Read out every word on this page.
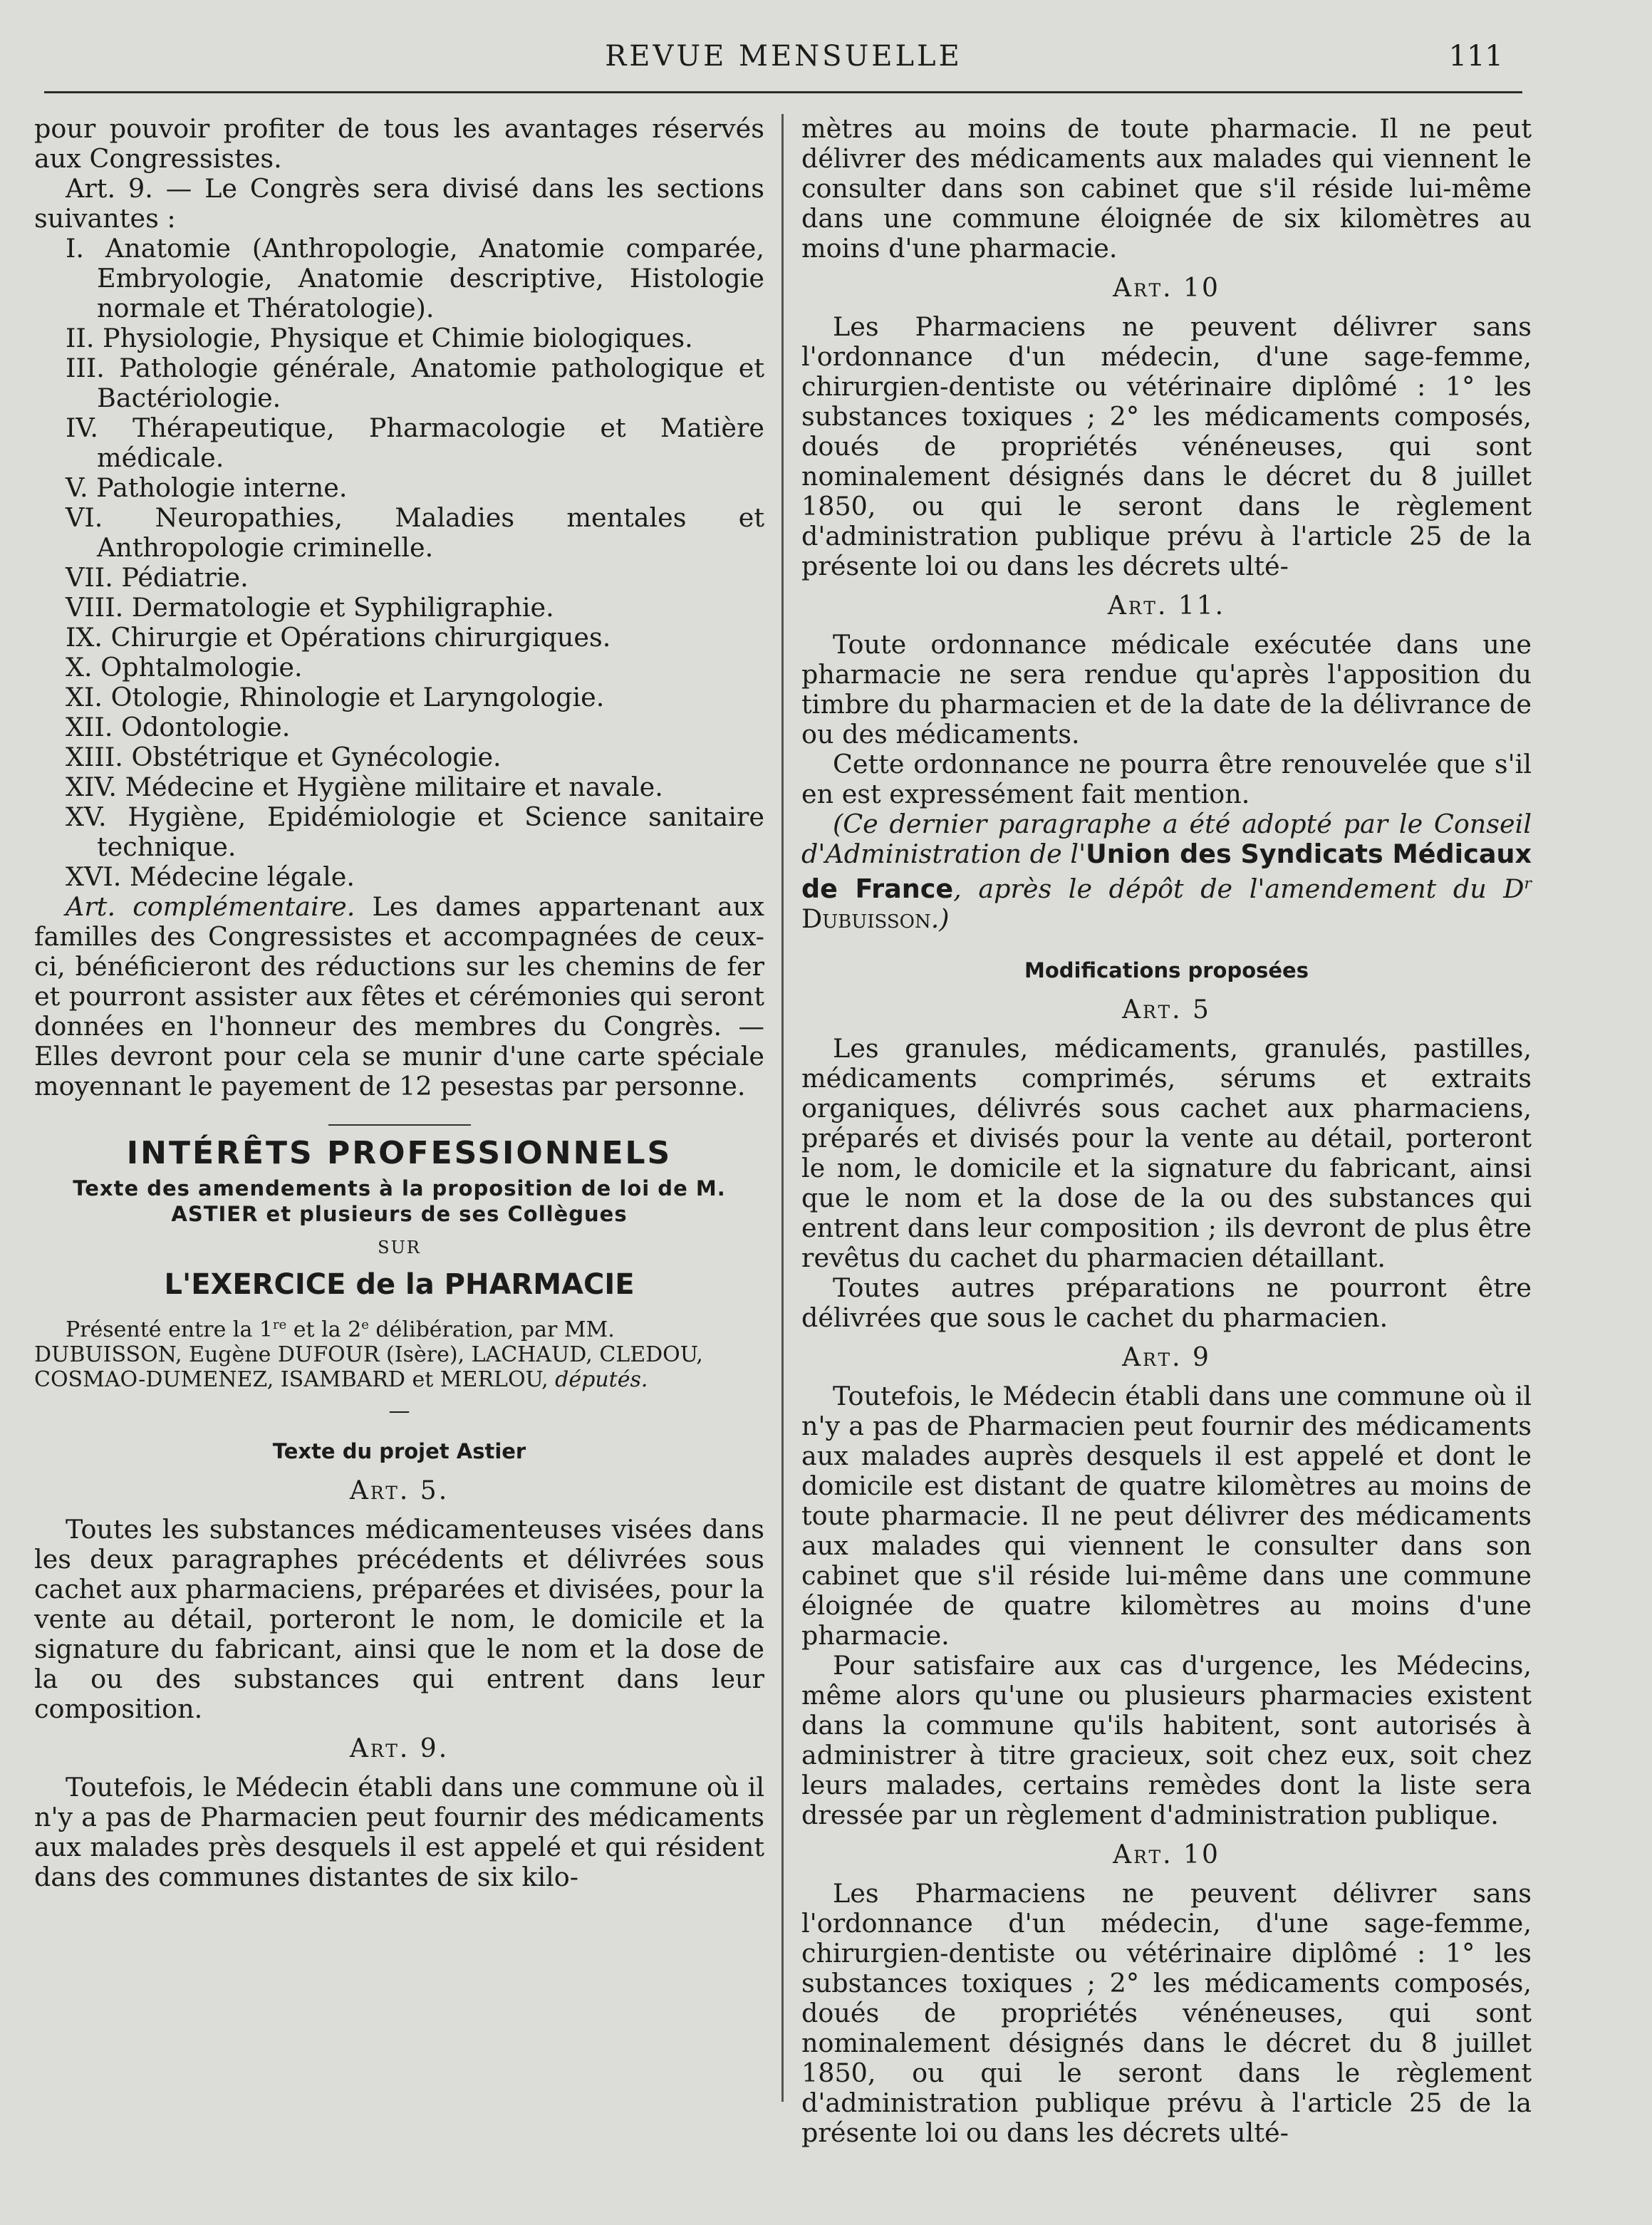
REVUE MENSUELLE	111

pour pouvoir profiter de tous les avantages réservés aux Congressistes.

Art. 9. — Le Congrès sera divisé dans les sections suivantes :

I. Anatomie (Anthropologie, Anatomie comparée, Embryologie, Anatomie descriptive, Histologie normale et Thératologie).

II. Physiologie, Physique et Chimie biologiques.

III. Pathologie générale, Anatomie pathologique et Bactériologie.

IV. Thérapeutique, Pharmacologie et Matière médicale.

V. Pathologie interne.

VI. Neuropathies, Maladies mentales et Anthropologie criminelle.

VII. Pédiatrie.

VIII. Dermatologie et Syphiligraphie.

IX. Chirurgie et Opérations chirurgiques.

X. Ophtalmologie.

XI. Otologie, Rhinologie et Laryngologie.

XII. Odontologie.

XIII. Obstétrique et Gynécologie.

XIV. Médecine et Hygiène militaire et navale.

XV. Hygiène, Epidémiologie et Science sanitaire technique.

XVI. Médecine légale.

Art. complémentaire. Les dames appartenant aux familles des Congressistes et accompagnées de ceux-ci, bénéficieront des réductions sur les chemins de fer et pourront assister aux fêtes et cérémonies qui seront données en l'honneur des membres du Congrès. — Elles devront pour cela se munir d'une carte spéciale moyennant le payement de 12 pesestas par personne.

INTÉRÊTS PROFESSIONNELS
Texte des amendements à la proposition de loi de M. ASTIER et plusieurs de ses Collègues
SUR
L'EXERCICE de la PHARMACIE

Présenté entre la 1re et la 2e délibération, par MM. DUBUISSON, Eugène DUFOUR (Isère), LACHAUD, CLEDOU, COSMAO-DUMENEZ, ISAMBARD et MERLOU, députés.

—
Texte du projet Astier
Art. 5.

Toutes les substances médicamenteuses visées dans les deux paragraphes précédents et délivrées sous cachet aux pharmaciens, préparées et divisées, pour la vente au détail, porteront le nom, le domicile et la signature du fabricant, ainsi que le nom et la dose de la ou des substances qui entrent dans leur composition.

Art. 9.

Toutefois, le Médecin établi dans une commune où il n'y a pas de Pharmacien peut fournir des médicaments aux malades près desquels il est appelé et qui résident dans des communes distantes de six kilo-

mètres au moins de toute pharmacie. Il ne peut délivrer des médicaments aux malades qui viennent le consulter dans son cabinet que s'il réside lui-même dans une commune éloignée de six kilomètres au moins d'une pharmacie.

Art. 10

Les Pharmaciens ne peuvent délivrer sans l'ordonnance d'un médecin, d'une sage-femme, chirurgien-dentiste ou vétérinaire diplômé : 1° les substances toxiques ; 2° les médicaments composés, doués de propriétés vénéneuses, qui sont nominalement désignés dans le décret du 8 juillet 1850, ou qui le seront dans le règlement d'administration publique prévu à l'article 25 de la présente loi ou dans les décrets ulté-

Art. 11.

Toute ordonnance médicale exécutée dans une pharmacie ne sera rendue qu'après l'apposition du timbre du pharmacien et de la date de la délivrance de ou des médicaments.

Cette ordonnance ne pourra être renouvelée que s'il en est expressément fait mention.

(Ce dernier paragraphe a été adopté par le Conseil d'Administration de l'Union des Syndicats Médicaux de France, après le dépôt de l'amendement du $D^r$ Dubuisson.)

Modifications proposées
Art. 5

Les granules, médicaments, granulés, pastilles, médicaments comprimés, sérums et extraits organiques, délivrés sous cachet aux pharmaciens, préparés et divisés pour la vente au détail, porteront le nom, le domicile et la signature du fabricant, ainsi que le nom et la dose de la ou des substances qui entrent dans leur composition ; ils devront de plus être revêtus du cachet du pharmacien détaillant.

Toutes autres préparations ne pourront être délivrées que sous le cachet du pharmacien.

Art. 9

Toutefois, le Médecin établi dans une commune où il n'y a pas de Pharmacien peut fournir des médicaments aux malades auprès desquels il est appelé et dont le domicile est distant de quatre kilomètres au moins de toute pharmacie. Il ne peut délivrer des médicaments aux malades qui viennent le consulter dans son cabinet que s'il réside lui-même dans une commune éloignée de quatre kilomètres au moins d'une pharmacie.

Pour satisfaire aux cas d'urgence, les Médecins, même alors qu'une ou plusieurs pharmacies existent dans la commune qu'ils habitent, sont autorisés à administrer à titre gracieux, soit chez eux, soit chez leurs malades, certains remèdes dont la liste sera dressée par un règlement d'administration publique.

Art. 10

Les Pharmaciens ne peuvent délivrer sans l'ordonnance d'un médecin, d'une sage-femme, chirurgien-dentiste ou vétérinaire diplômé : 1° les substances toxiques ; 2° les médicaments composés, doués de propriétés vénéneuses, qui sont nominalement désignés dans le décret du 8 juillet 1850, ou qui le seront dans le règlement d'administration publique prévu à l'article 25 de la présente loi ou dans les décrets ulté-
